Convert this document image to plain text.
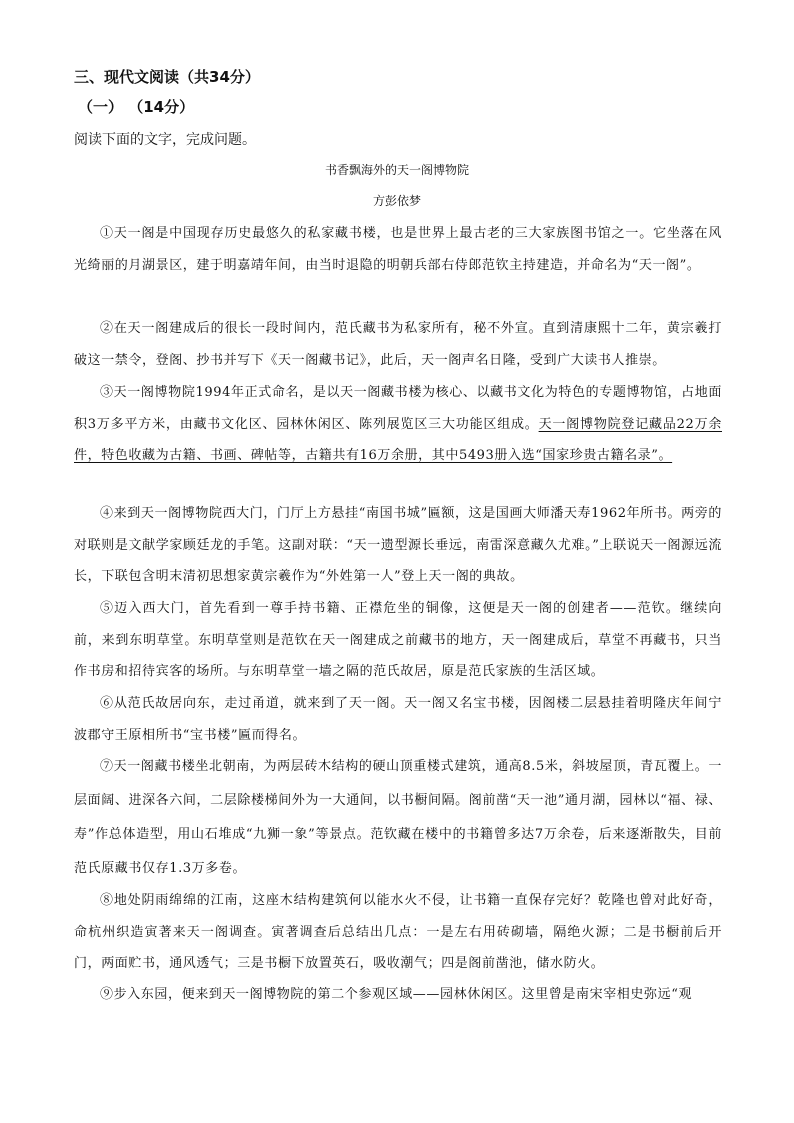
三、现代文阅读（共34分）
（一） （14分）
阅读下面的文字，完成问题。
书香飘海外的天一阁博物院
方彭依梦

①天一阁是中国现存历史最悠久的私家藏书楼，也是世界上最古老的三大家族图书馆之一。它坐落在风光绮丽的月湖景区，建于明嘉靖年间，由当时退隐的明朝兵部右侍郎范钦主持建造，并命名为“天一阁”。

②在天一阁建成后的很长一段时间内，范氏藏书为私家所有，秘不外宣。直到清康熙十二年，黄宗羲打破这一禁令，登阁、抄书并写下《天一阁藏书记》，此后，天一阁声名日隆，受到广大读书人推崇。

③天一阁博物院1994年正式命名，是以天一阁藏书楼为核心、以藏书文化为特色的专题博物馆，占地面积3万多平方米，由藏书文化区、园林休闲区、陈列展览区三大功能区组成。天一阁博物院登记藏品22万余件，特色收藏为古籍、书画、碑帖等，古籍共有16万余册，其中5493册入选“国家珍贵古籍名录”。

④来到天一阁博物院西大门，门厅上方悬挂“南国书城”匾额，这是国画大师潘天寿1962年所书。两旁的对联则是文献学家顾廷龙的手笔。这副对联：“天一遗型源长垂远，南雷深意藏久尤难。”上联说天一阁源远流长，下联包含明末清初思想家黄宗羲作为“外姓第一人”登上天一阁的典故。

⑤迈入西大门，首先看到一尊手持书籍、正襟危坐的铜像，这便是天一阁的创建者——范钦。继续向前，来到东明草堂。东明草堂则是范钦在天一阁建成之前藏书的地方，天一阁建成后，草堂不再藏书，只当作书房和招待宾客的场所。与东明草堂一墙之隔的范氏故居，原是范氏家族的生活区域。

⑥从范氏故居向东，走过甬道，就来到了天一阁。天一阁又名宝书楼，因阁楼二层悬挂着明隆庆年间宁波郡守王原相所书“宝书楼”匾而得名。

⑦天一阁藏书楼坐北朝南，为两层砖木结构的硬山顶重楼式建筑，通高8.5米，斜坡屋顶，青瓦覆上。一层面阔、进深各六间，二层除楼梯间外为一大通间，以书橱间隔。阁前凿“天一池”通月湖，园林以“福、禄、寿”作总体造型，用山石堆成“九狮一象”等景点。范钦藏在楼中的书籍曾多达7万余卷，后来逐渐散失，目前范氏原藏书仅存1.3万多卷。

⑧地处阴雨绵绵的江南，这座木结构建筑何以能水火不侵，让书籍一直保存完好？乾隆也曾对此好奇，命杭州织造寅著来天一阁调查。寅著调查后总结出几点：一是左右用砖砌墙，隔绝火源；二是书橱前后开门，两面贮书，通风透气；三是书橱下放置英石，吸收潮气；四是阁前凿池，储水防火。

⑨步入东园，便来到天一阁博物院的第二个参观区域——园林休闲区。这里曾是南宋宰相史弥远“观
